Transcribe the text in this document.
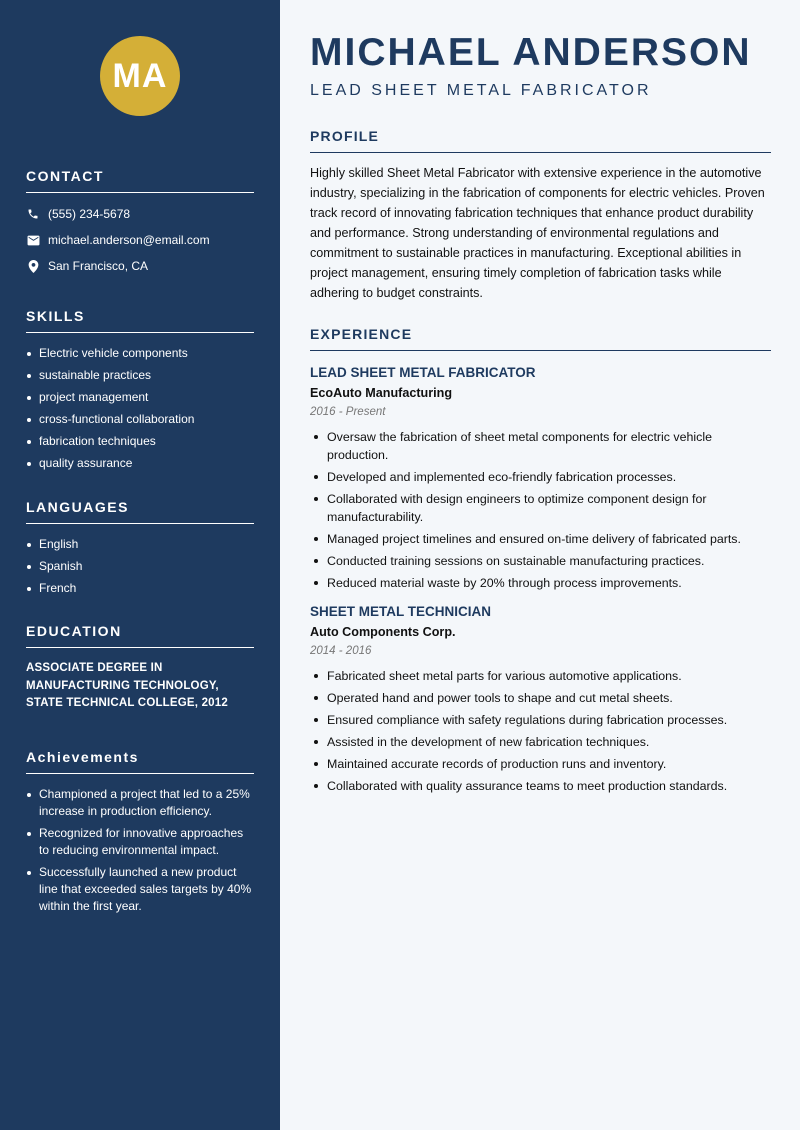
MA
CONTACT
(555) 234-5678
michael.anderson@email.com
San Francisco, CA
SKILLS
Electric vehicle components
sustainable practices
project management
cross-functional collaboration
fabrication techniques
quality assurance
LANGUAGES
English
Spanish
French
EDUCATION
ASSOCIATE DEGREE IN MANUFACTURING TECHNOLOGY, STATE TECHNICAL COLLEGE, 2012
Achievements
Championed a project that led to a 25% increase in production efficiency.
Recognized for innovative approaches to reducing environmental impact.
Successfully launched a new product line that exceeded sales targets by 40% within the first year.
MICHAEL ANDERSON
LEAD SHEET METAL FABRICATOR
PROFILE

Highly skilled Sheet Metal Fabricator with extensive experience in the automotive industry, specializing in the fabrication of components for electric vehicles. Proven track record of innovating fabrication techniques that enhance product durability and performance. Strong understanding of environmental regulations and commitment to sustainable practices in manufacturing. Exceptional abilities in project management, ensuring timely completion of fabrication tasks while adhering to budget constraints.

EXPERIENCE
LEAD SHEET METAL FABRICATOR
EcoAuto Manufacturing
2016 - Present
Oversaw the fabrication of sheet metal components for electric vehicle production.
Developed and implemented eco-friendly fabrication processes.
Collaborated with design engineers to optimize component design for manufacturability.
Managed project timelines and ensured on-time delivery of fabricated parts.
Conducted training sessions on sustainable manufacturing practices.
Reduced material waste by 20% through process improvements.
SHEET METAL TECHNICIAN
Auto Components Corp.
2014 - 2016
Fabricated sheet metal parts for various automotive applications.
Operated hand and power tools to shape and cut metal sheets.
Ensured compliance with safety regulations during fabrication processes.
Assisted in the development of new fabrication techniques.
Maintained accurate records of production runs and inventory.
Collaborated with quality assurance teams to meet production standards.
